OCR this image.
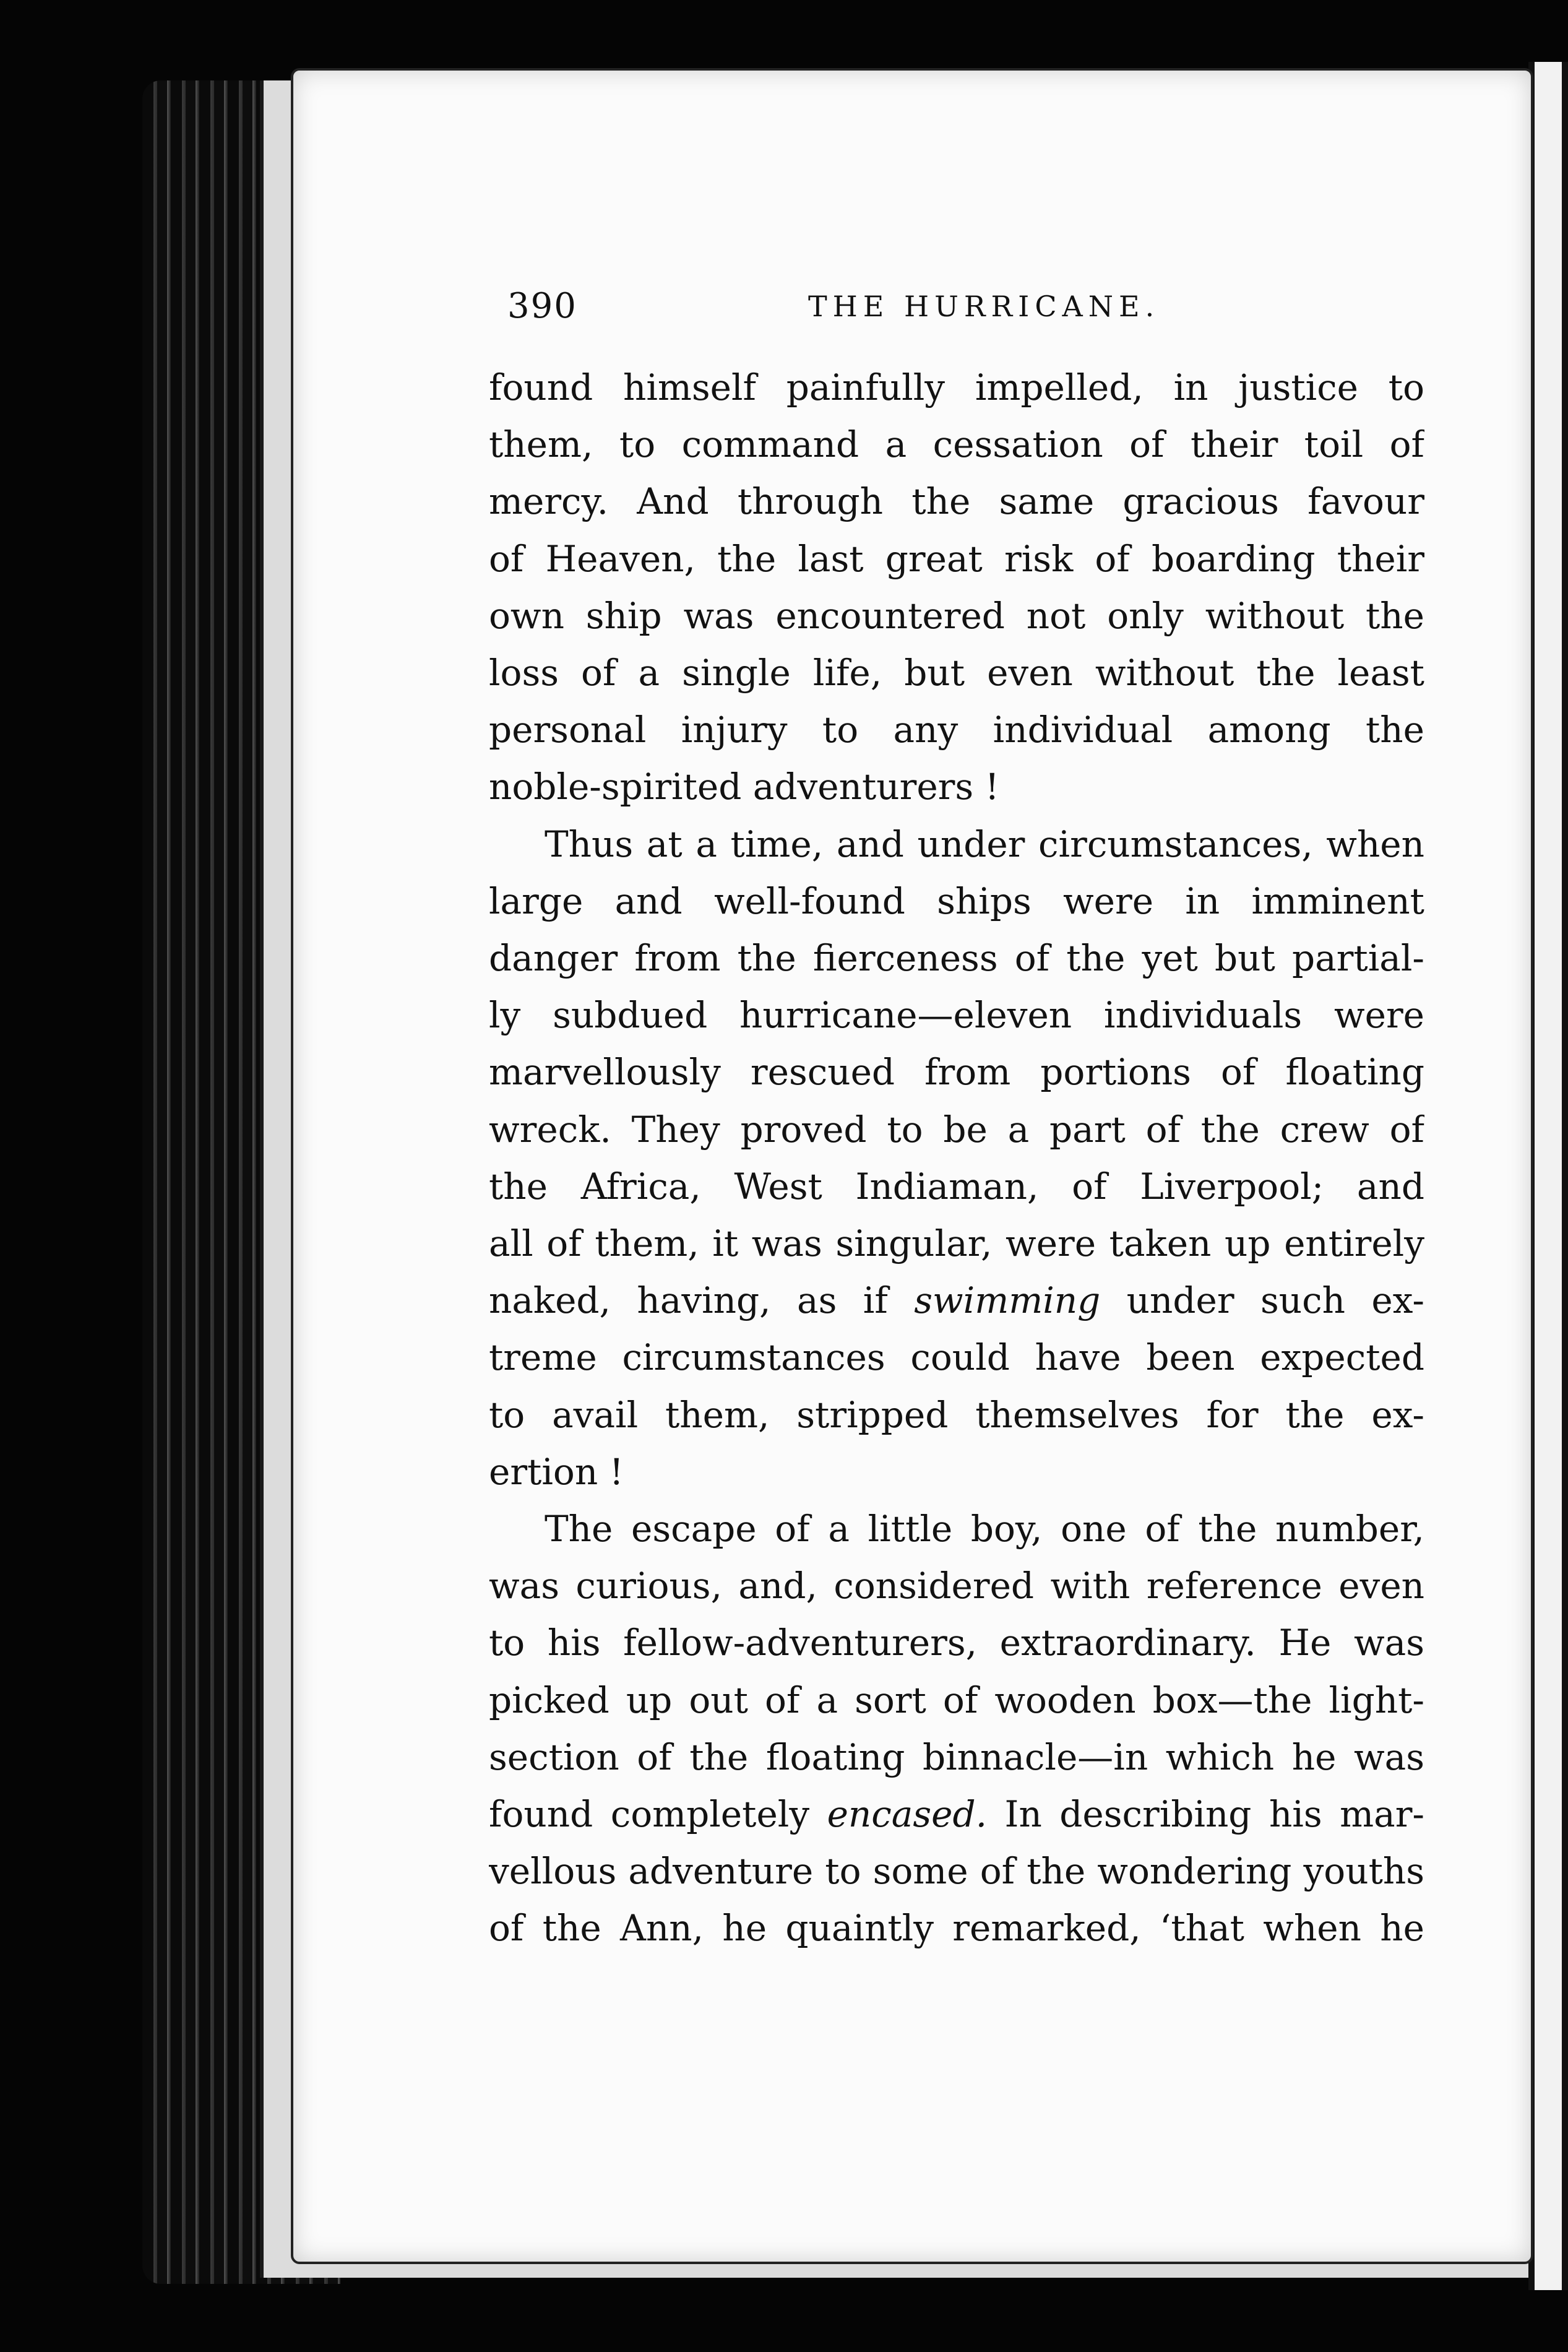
390	THE HURRICANE.
found himself painfully impelled, in justice to
them, to command a cessation of their toil of
mercy. And through the same gracious favour
of Heaven, the last great risk of boarding their
own ship was encountered not only without the
loss of a single life, but even without the least
personal injury to any individual among the
noble-spirited adventurers !
Thus at a time, and under circumstances, when
large and well-found ships were in imminent
danger from the fierceness of the yet but partial-
ly subdued hurricane—eleven individuals were
marvellously rescued from portions of floating
wreck. They proved to be a part of the crew of
the Africa, West Indiaman, of Liverpool; and
all of them, it was singular, were taken up entirely
naked, having, as if swimming under such ex-
treme circumstances could have been expected
to avail them, stripped themselves for the ex-
ertion !
The escape of a little boy, one of the number,
was curious, and, considered with reference even
to his fellow-adventurers, extraordinary. He was
picked up out of a sort of wooden box—the light-
section of the floating binnacle—in which he was
found completely encased. In describing his mar-
vellous adventure to some of the wondering youths
of the Ann, he quaintly remarked, ‘that when he
